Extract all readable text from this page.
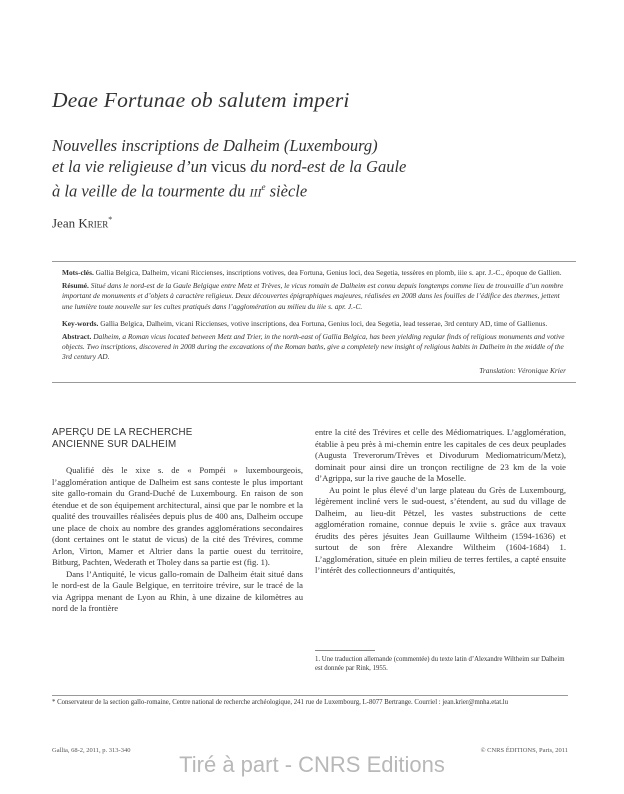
Deae Fortunae ob salutem imperi
Nouvelles inscriptions de Dalheim (Luxembourg)
et la vie religieuse d’un vicus du nord-est de la Gaule
à la veille de la tourmente du iii$^e$ siècle
Jean Krier*

Mots-clés. Gallia Belgica, Dalheim, vicani Riccienses, inscriptions votives, dea Fortuna, Genius loci, dea Segetia, tessères en plomb, iiie s. apr. J.-C., époque de Gallien.

Résumé. Situé dans le nord-est de la Gaule Belgique entre Metz et Trèves, le vicus romain de Dalheim est connu depuis longtemps comme lieu de trouvaille d’un nombre important de monuments et d’objets à caractère religieux. Deux découvertes épigraphiques majeures, réalisées en 2008 dans les fouilles de l’édifice des thermes, jettent une lumière toute nouvelle sur les cultes pratiqués dans l’agglomération au milieu du iiie s. apr. J.-C.

Key-words. Gallia Belgica, Dalheim, vicani Riccienses, votive inscriptions, dea Fortuna, Genius loci, dea Segetia, lead tesserae, 3rd century AD, time of Gallienus.

Abstract. Dalheim, a Roman vicus located between Metz and Trier, in the north-east of Gallia Belgica, has been yielding regular finds of religious monuments and votive objects. Two inscriptions, discovered in 2008 during the excavations of the Roman baths, give a completely new insight of religious habits in Dalheim in the middle of the 3rd century AD.

Translation: Véronique Krier
APERÇU DE LA RECHERCHE
ANCIENNE SUR DALHEIM

Qualifié dès le xixe s. de « Pompéi » luxembourgeois, l’agglomération antique de Dalheim est sans conteste le plus important site gallo-romain du Grand-Duché de Luxembourg. En raison de son étendue et de son équipement architectural, ainsi que par le nombre et la qualité des trouvailles réalisées depuis plus de 400 ans, Dalheim occupe une place de choix au nombre des grandes agglomérations secondaires (dont certaines ont le statut de vicus) de la cité des Trévires, comme Arlon, Virton, Mamer et Altrier dans la partie ouest du territoire, Bitburg, Pachten, Wederath et Tholey dans sa partie est (fig. 1).

Dans l’Antiquité, le vicus gallo-romain de Dalheim était situé dans le nord-est de la Gaule Belgique, en territoire trévire, sur le tracé de la via Agrippa menant de Lyon au Rhin, à une dizaine de kilomètres au nord de la frontière

entre la cité des Trévires et celle des Médiomatriques. L’agglomération, établie à peu près à mi-chemin entre les capitales de ces deux peuplades (Augusta Treverorum/Trèves et Divodurum Mediomatricum/Metz), dominait pour ainsi dire un tronçon rectiligne de 23 km de la voie d’Agrippa, sur la rive gauche de la Moselle.

Au point le plus élevé d’un large plateau du Grès de Luxembourg, légèrement incliné vers le sud-ouest, s’étendent, au sud du village de Dalheim, au lieu-dit Pëtzel, les vastes substructions de cette agglomération romaine, connue depuis le xviie s. grâce aux travaux érudits des pères jésuites Jean Guillaume Wiltheim (1594-1636) et surtout de son frère Alexandre Wiltheim (1604-1684) 1. L’agglomération, située en plein milieu de terres fertiles, a capté ensuite l’intérêt des collectionneurs d’antiquités,

1. Une traduction allemande (commentée) du texte latin d’Alexandre Wiltheim sur Dalheim est donnée par Rink, 1955.
* Conservateur de la section gallo-romaine, Centre national de recherche archéologique, 241 rue de Luxembourg, L-8077 Bertrange. Courriel : jean.krier@mnha.etat.lu
Gallia, 68-2, 2011, p. 313-340	© CNRS ÉDITIONS, Paris, 2011
Tiré à part - CNRS Editions
